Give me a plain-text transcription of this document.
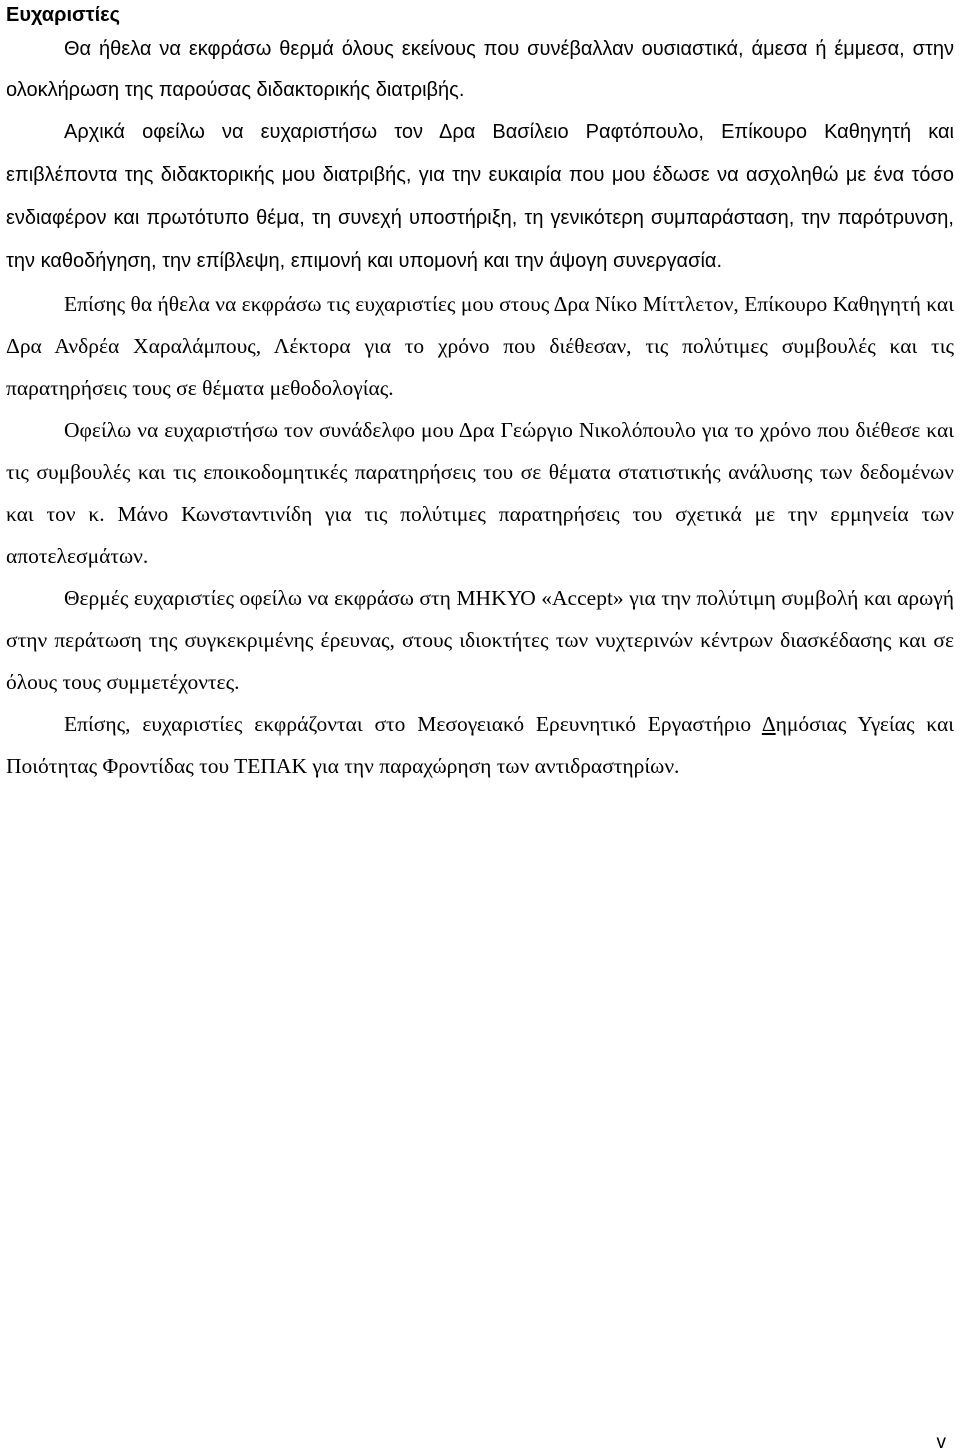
Ευχαριστίες

Θα ήθελα να εκφράσω θερμά όλους εκείνους που συνέβαλλαν ουσιαστικά, άμεσα ή έμμεσα, στην ολοκλήρωση της παρούσας διδακτορικής διατριβής.

Αρχικά οφείλω να ευχαριστήσω τον Δρα Βασίλειο Ραφτόπουλο, Επίκουρο Καθηγητή και επιβλέποντα της διδακτορικής μου διατριβής, για την ευκαιρία που μου έδωσε να ασχοληθώ με ένα τόσο ενδιαφέρον και πρωτότυπο θέμα, τη συνεχή υποστήριξη, τη γενικότερη συμπαράσταση, την παρότρυνση, την καθοδήγηση, την επίβλεψη, επιμονή και υπομονή και την άψογη συνεργασία.

Επίσης θα ήθελα να εκφράσω τις ευχαριστίες μου στους Δρα Νίκο Μίττλετον, Επίκουρο Καθηγητή και Δρα Ανδρέα Χαραλάμπους, Λέκτορα για το χρόνο που διέθεσαν, τις πολύτιμες συμβουλές και τις παρατηρήσεις τους σε θέματα μεθοδολογίας.

Οφείλω να ευχαριστήσω τον συνάδελφο μου Δρα Γεώργιο Νικολόπουλο για το χρόνο που διέθεσε και τις συμβουλές και τις εποικοδομητικές παρατηρήσεις του σε θέματα στατιστικής ανάλυσης των δεδομένων και τον κ. Μάνο Κωνσταντινίδη για τις πολύτιμες παρατηρήσεις του σχετικά με την ερμηνεία των αποτελεσμάτων.

Θερμές ευχαριστίες οφείλω να εκφράσω στη ΜΗΚΥΟ «Accept» για την πολύτιμη συμβολή και αρωγή στην περάτωση της συγκεκριμένης έρευνας, στους ιδιοκτήτες των νυχτερινών κέντρων διασκέδασης και σε όλους τους συμμετέχοντες.

Επίσης, ευχαριστίες εκφράζονται στο Μεσογειακό Ερευνητικό Εργαστήριο Δημόσιας Υγείας και Ποιότητας Φροντίδας του ΤΕΠΑΚ για την παραχώρηση των αντιδραστηρίων.

v
